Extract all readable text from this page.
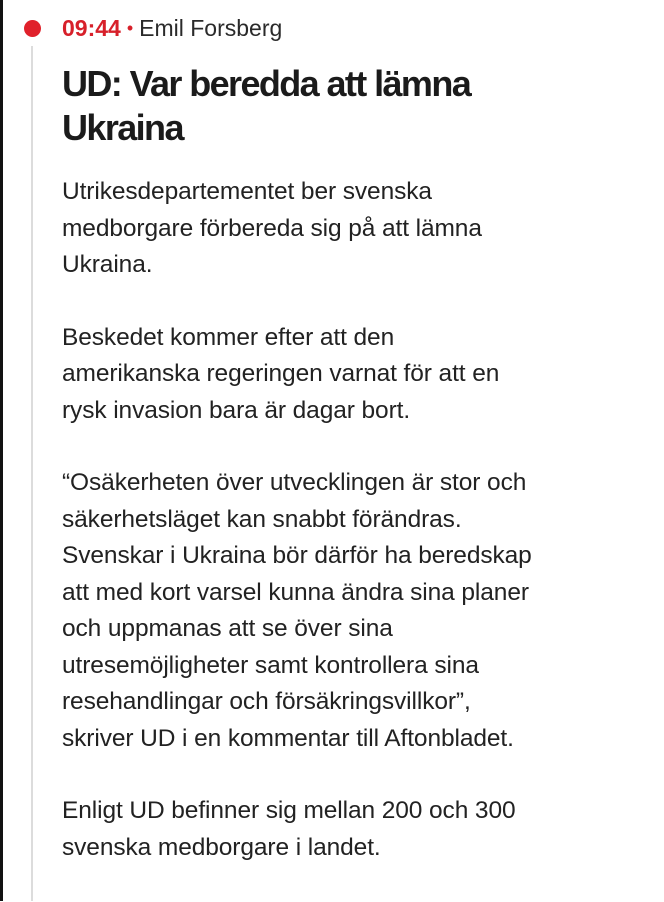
09:44 • Emil Forsberg
UD: Var beredda att lämna Ukraina

Utrikesdepartementet ber svenska
medborgare förbereda sig på att lämna
Ukraina.

Beskedet kommer efter att den
amerikanska regeringen varnat för att en
rysk invasion bara är dagar bort.

“Osäkerheten över utvecklingen är stor och
säkerhetsläget kan snabbt förändras.
Svenskar i Ukraina bör därför ha beredskap
att med kort varsel kunna ändra sina planer
och uppmanas att se över sina
utresemöjligheter samt kontrollera sina
resehandlingar och försäkringsvillkor”,
skriver UD i en kommentar till Aftonbladet.

Enligt UD befinner sig mellan 200 och 300
svenska medborgare i landet.
